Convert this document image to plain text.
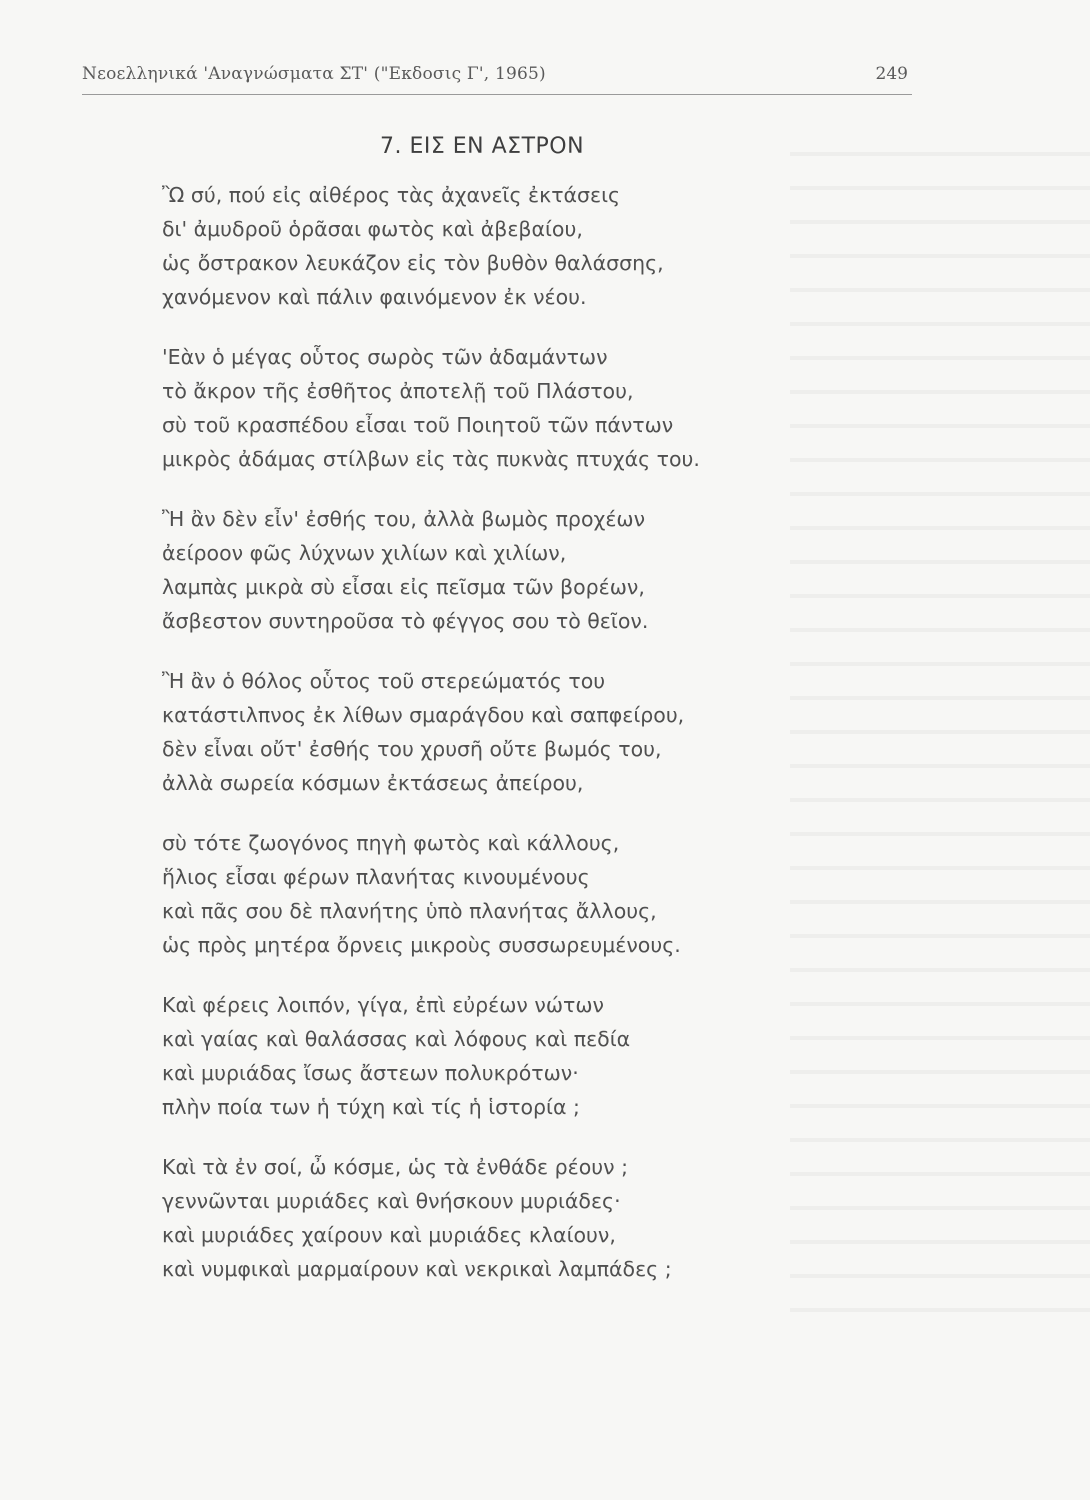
Νεοελληνικά 'Αναγνώσματα ΣΤ' ("Εκδοσις Γ', 1965)	249
7. ΕΙΣ ΕΝ ΑΣΤΡΟΝ
Ὢ σύ, πού εἰς αἰθέρος τὰς ἀχανεῖς ἐκτάσεις
δι' ἀμυδροῦ ὁρᾶσαι φωτὸς καὶ ἀβεβαίου,
ὡς ὄστρακον λευκάζον εἰς τὸν βυθὸν θαλάσσης,
χανόμενον καὶ πάλιν φαινόμενον ἐκ νέου.
'Εὰν ὁ μέγας οὗτος σωρὸς τῶν ἀδαμάντων
τὸ ἄκρον τῆς ἐσθῆτος ἀποτελῇ τοῦ Πλάστου,
σὺ τοῦ κρασπέδου εἶσαι τοῦ Ποιητοῦ τῶν πάντων
μικρὸς ἀδάμας στίλβων εἰς τὰς πυκνὰς πτυχάς του.
Ἢ ἂν δὲν εἶν' ἐσθής του, ἀλλὰ βωμὸς προχέων
ἀείροον φῶς λύχνων χιλίων καὶ χιλίων,
λαμπὰς μικρὰ σὺ εἶσαι εἰς πεῖσμα τῶν βορέων,
ἄσβεστον συντηροῦσα τὸ φέγγος σου τὸ θεῖον.
Ἢ ἂν ὁ θόλος οὗτος τοῦ στερεώματός του
κατάστιλπνος ἐκ λίθων σμαράγδου καὶ σαπφείρου,
δὲν εἶναι οὔτ' ἐσθής του χρυσῆ οὔτε βωμός του,
ἀλλὰ σωρεία κόσμων ἐκτάσεως ἀπείρου,
σὺ τότε ζωογόνος πηγὴ φωτὸς καὶ κάλλους,
ἥλιος εἶσαι φέρων πλανήτας κινουμένους
καὶ πᾶς σου δὲ πλανήτης ὑπὸ πλανήτας ἄλλους,
ὡς πρὸς μητέρα ὄρνεις μικροὺς συσσωρευμένους.
Καὶ φέρεις λοιπόν, γίγα, ἐπὶ εὐρέων νώτων
καὶ γαίας καὶ θαλάσσας καὶ λόφους καὶ πεδία
καὶ μυριάδας ἴσως ἄστεων πολυκρότων·
πλὴν ποία των ἡ τύχη καὶ τίς ἡ ἱστορία ;
Καὶ τὰ ἐν σοί, ὦ κόσμε, ὡς τὰ ἐνθάδε ρέουν ;
γεννῶνται μυριάδες καὶ θνήσκουν μυριάδες·
καὶ μυριάδες χαίρουν καὶ μυριάδες κλαίουν,
καὶ νυμφικαὶ μαρμαίρουν καὶ νεκρικαὶ λαμπάδες ;
